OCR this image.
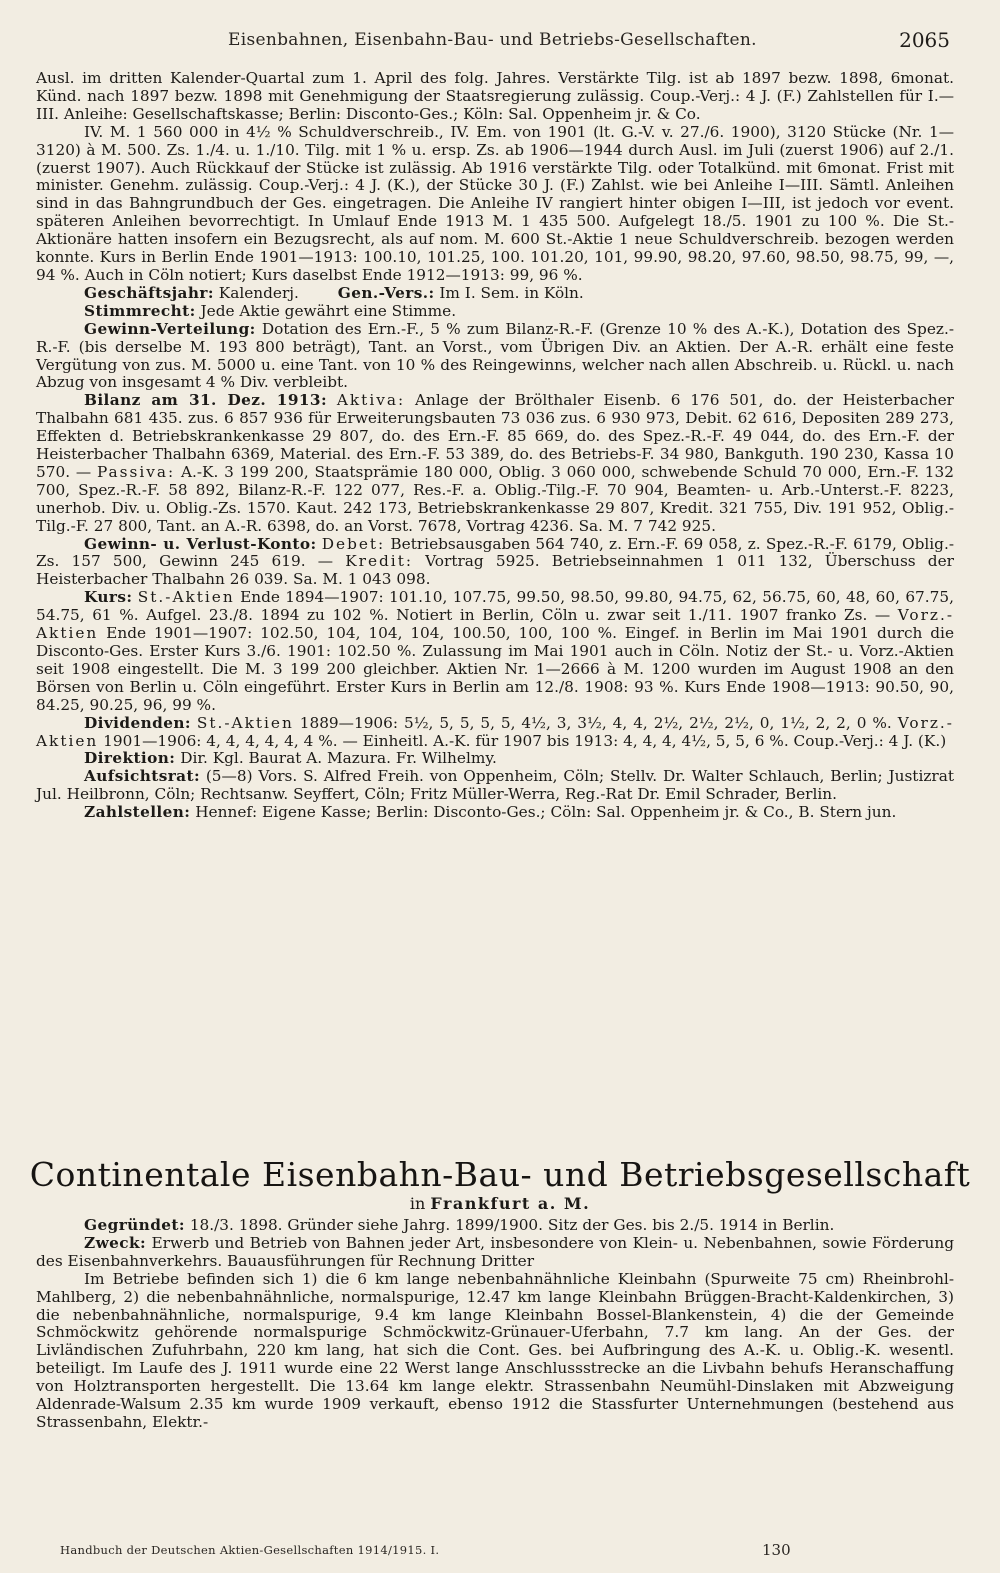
Eisenbahnen, Eisenbahn-Bau- und Betriebs-Gesellschaften.	2065

Ausl. im dritten Kalender-Quartal zum 1. April des folg. Jahres. Verstärkte Tilg. ist ab 1897 bezw. 1898, 6monat. Künd. nach 1897 bezw. 1898 mit Genehmigung der Staatsregierung zulässig. Coup.-Verj.: 4 J. (F.) Zahlstellen für I.—III. Anleihe: Gesellschaftskasse; Berlin: Disconto-Ges.; Köln: Sal. Oppenheim jr. & Co.

IV. M. 1 560 000 in 4½ % Schuldverschreib., IV. Em. von 1901 (lt. G.-V. v. 27./6. 1900), 3120 Stücke (Nr. 1—3120) à M. 500. Zs. 1./4. u. 1./10. Tilg. mit 1 % u. ersp. Zs. ab 1906—1944 durch Ausl. im Juli (zuerst 1906) auf 2./1. (zuerst 1907). Auch Rückkauf der Stücke ist zulässig. Ab 1916 verstärkte Tilg. oder Totalkünd. mit 6monat. Frist mit minister. Genehm. zulässig. Coup.-Verj.: 4 J. (K.), der Stücke 30 J. (F.) Zahlst. wie bei Anleihe I—III. Sämtl. Anleihen sind in das Bahngrundbuch der Ges. eingetragen. Die Anleihe IV rangiert hinter obigen I—III, ist jedoch vor event. späteren Anleihen bevorrechtigt. In Umlauf Ende 1913 M. 1 435 500. Aufgelegt 18./5. 1901 zu 100 %. Die St.-Aktionäre hatten insofern ein Bezugsrecht, als auf nom. M. 600 St.-Aktie 1 neue Schuldverschreib. bezogen werden konnte. Kurs in Berlin Ende 1901—1913: 100.10, 101.25, 100. 101.20, 101, 99.90, 98.20, 97.60, 98.50, 98.75, 99, —, 94 %. Auch in Cöln notiert; Kurs daselbst Ende 1912—1913: 99, 96 %.

Geschäftsjahr: Kalenderj.	Gen.-Vers.: Im I. Sem. in Köln.

Stimmrecht: Jede Aktie gewährt eine Stimme.

Gewinn-Verteilung: Dotation des Ern.-F., 5 % zum Bilanz-R.-F. (Grenze 10 % des A.-K.), Dotation des Spez.-R.-F. (bis derselbe M. 193 800 beträgt), Tant. an Vorst., vom Übrigen Div. an Aktien. Der A.-R. erhält eine feste Vergütung von zus. M. 5000 u. eine Tant. von 10 % des Reingewinns, welcher nach allen Abschreib. u. Rückl. u. nach Abzug von insgesamt 4 % Div. verbleibt.

Bilanz am 31. Dez. 1913: Aktiva: Anlage der Brölthaler Eisenb. 6 176 501, do. der Heisterbacher Thalbahn 681 435. zus. 6 857 936 für Erweiterungsbauten 73 036 zus. 6 930 973, Debit. 62 616, Depositen 289 273, Effekten d. Betriebskrankenkasse 29 807, do. des Ern.-F. 85 669, do. des Spez.-R.-F. 49 044, do. des Ern.-F. der Heisterbacher Thalbahn 6369, Material. des Ern.-F. 53 389, do. des Betriebs-F. 34 980, Bankguth. 190 230, Kassa 10 570. — Passiva: A.-K. 3 199 200, Staatsprämie 180 000, Oblig. 3 060 000, schwebende Schuld 70 000, Ern.-F. 132 700, Spez.-R.-F. 58 892, Bilanz-R.-F. 122 077, Res.-F. a. Oblig.-Tilg.-F. 70 904, Beamten- u. Arb.-Unterst.-F. 8223, unerhob. Div. u. Oblig.-Zs. 1570. Kaut. 242 173, Betriebskrankenkasse 29 807, Kredit. 321 755, Div. 191 952, Oblig.-Tilg.-F. 27 800, Tant. an A.-R. 6398, do. an Vorst. 7678, Vortrag 4236. Sa. M. 7 742 925.

Gewinn- u. Verlust-Konto: Debet: Betriebsausgaben 564 740, z. Ern.-F. 69 058, z. Spez.-R.-F. 6179, Oblig.-Zs. 157 500, Gewinn 245 619. — Kredit: Vortrag 5925. Betriebseinnahmen 1 011 132, Überschuss der Heisterbacher Thalbahn 26 039. Sa. M. 1 043 098.

Kurs: St.-Aktien Ende 1894—1907: 101.10, 107.75, 99.50, 98.50, 99.80, 94.75, 62, 56.75, 60, 48, 60, 67.75, 54.75, 61 %. Aufgel. 23./8. 1894 zu 102 %. Notiert in Berlin, Cöln u. zwar seit 1./11. 1907 franko Zs. — Vorz.-Aktien Ende 1901—1907: 102.50, 104, 104, 104, 100.50, 100, 100 %. Eingef. in Berlin im Mai 1901 durch die Disconto-Ges. Erster Kurs 3./6. 1901: 102.50 %. Zulassung im Mai 1901 auch in Cöln. Notiz der St.- u. Vorz.-Aktien seit 1908 eingestellt. Die M. 3 199 200 gleichber. Aktien Nr. 1—2666 à M. 1200 wurden im August 1908 an den Börsen von Berlin u. Cöln eingeführt. Erster Kurs in Berlin am 12./8. 1908: 93 %. Kurs Ende 1908—1913: 90.50, 90, 84.25, 90.25, 96, 99 %.

Dividenden: St.-Aktien 1889—1906: 5½, 5, 5, 5, 5, 4½, 3, 3½, 4, 4, 2½, 2½, 2½, 0, 1½, 2, 2, 0 %. Vorz.-Aktien 1901—1906: 4, 4, 4, 4, 4, 4 %. — Einheitl. A.-K. für 1907 bis 1913: 4, 4, 4, 4½, 5, 5, 6 %. Coup.-Verj.: 4 J. (K.)

Direktion: Dir. Kgl. Baurat A. Mazura. Fr. Wilhelmy.

Aufsichtsrat: (5—8) Vors. S. Alfred Freih. von Oppenheim, Cöln; Stellv. Dr. Walter Schlauch, Berlin; Justizrat Jul. Heilbronn, Cöln; Rechtsanw. Seyffert, Cöln; Fritz Müller-Werra, Reg.-Rat Dr. Emil Schrader, Berlin.

Zahlstellen: Hennef: Eigene Kasse; Berlin: Disconto-Ges.; Cöln: Sal. Oppenheim jr. & Co., B. Stern jun.

Continentale Eisenbahn-Bau- und Betriebsgesellschaft
in Frankfurt a. M.

Gegründet: 18./3. 1898. Gründer siehe Jahrg. 1899/1900. Sitz der Ges. bis 2./5. 1914 in Berlin.

Zweck: Erwerb und Betrieb von Bahnen jeder Art, insbesondere von Klein- u. Nebenbahnen, sowie Förderung des Eisenbahnverkehrs. Bauausführungen für Rechnung Dritter

Im Betriebe befinden sich 1) die 6 km lange nebenbahnähnliche Kleinbahn (Spurweite 75 cm) Rheinbrohl-Mahlberg, 2) die nebenbahnähnliche, normalspurige, 12.47 km lange Kleinbahn Brüggen-Bracht-Kaldenkirchen, 3) die nebenbahnähnliche, normalspurige, 9.4 km lange Kleinbahn Bossel-Blankenstein, 4) die der Gemeinde Schmöckwitz gehörende normalspurige Schmöckwitz-Grünauer-Uferbahn, 7.7 km lang. An der Ges. der Livländischen Zufuhrbahn, 220 km lang, hat sich die Cont. Ges. bei Aufbringung des A.-K. u. Oblig.-K. wesentl. beteiligt. Im Laufe des J. 1911 wurde eine 22 Werst lange Anschlussstrecke an die Livbahn behufs Heranschaffung von Holztransporten hergestellt. Die 13.64 km lange elektr. Strassenbahn Neumühl-Dinslaken mit Abzweigung Aldenrade-Walsum 2.35 km wurde 1909 verkauft, ebenso 1912 die Stassfurter Unternehmungen (bestehend aus Strassenbahn, Elektr.-

Handbuch der Deutschen Aktien-Gesellschaften 1914/1915. I.	130
